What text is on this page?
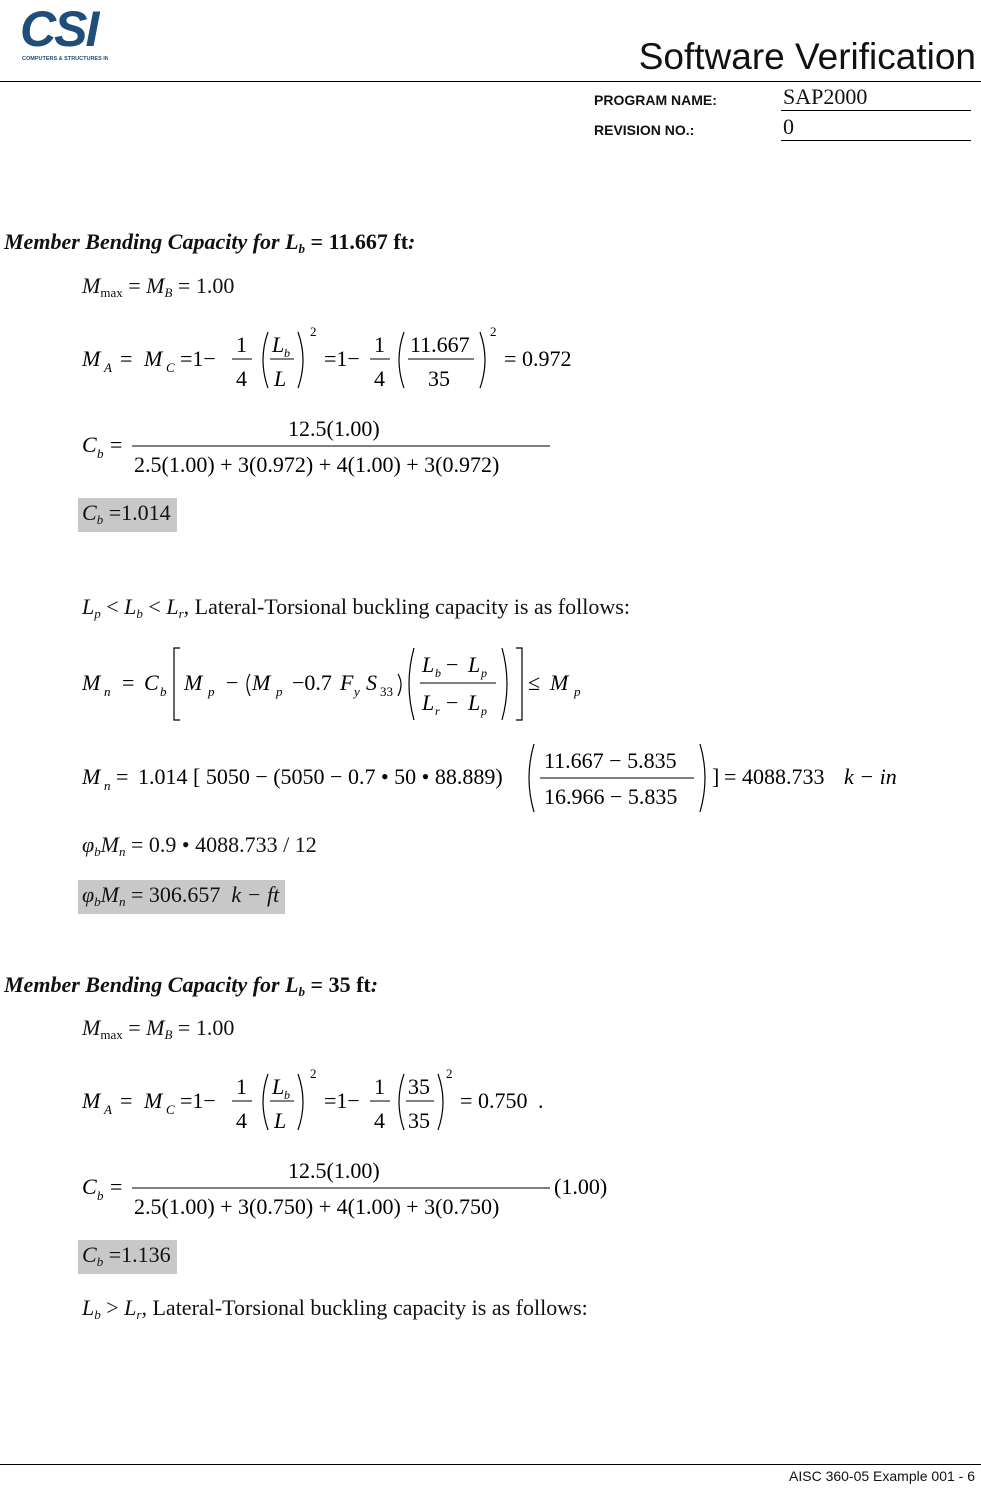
CSI
COMPUTERS & STRUCTURES INC.	Software Verification
PROGRAM NAME:	SAP2000
REVISION NO.:	0
Member Bending Capacity for $L_b = 11.667$ ft:
$M_{max} = M_B = 1.00$
M A = M C =1−
1
4
L b
L
2
=1−
1
4
11.667
35
2
= 0.972
C b =
12.5(1.00)
2.5(1.00) + 3(0.972) + 4(1.00) + 3(0.972)
$C_b =1.014$
$L_p < L_b < L_r$, Lateral-Torsional buckling capacity is as follows:
M n = C b M p − M p −0.7 F y S 33
L b − L p
L r − L p
≤ M p
M n = 1.014 [ 5050 − (5050 − 0.7 • 50 • 88.889)
11.667 − 5.835
16.966 − 5.835
] = 4088.733 k − in
$\varphi_bM_n = 0.9$ • 4088.733 / 12
$\varphi_bM_n = 306.657$ k − ft
Member Bending Capacity for $L_b = 35$ ft:
$M_{max} = M_B = 1.00$
M A = M C =1−
1
4
L b
L
2
=1−
1
4
35
35
2
= 0.750 .
C b =
12.5(1.00)
2.5(1.00) + 3(0.750) + 4(1.00) + 3(0.750)
(1.00)
$C_b =1.136$
$L_b > L_r$, Lateral-Torsional buckling capacity is as follows:
AISC 360-05 Example 001 - 6
